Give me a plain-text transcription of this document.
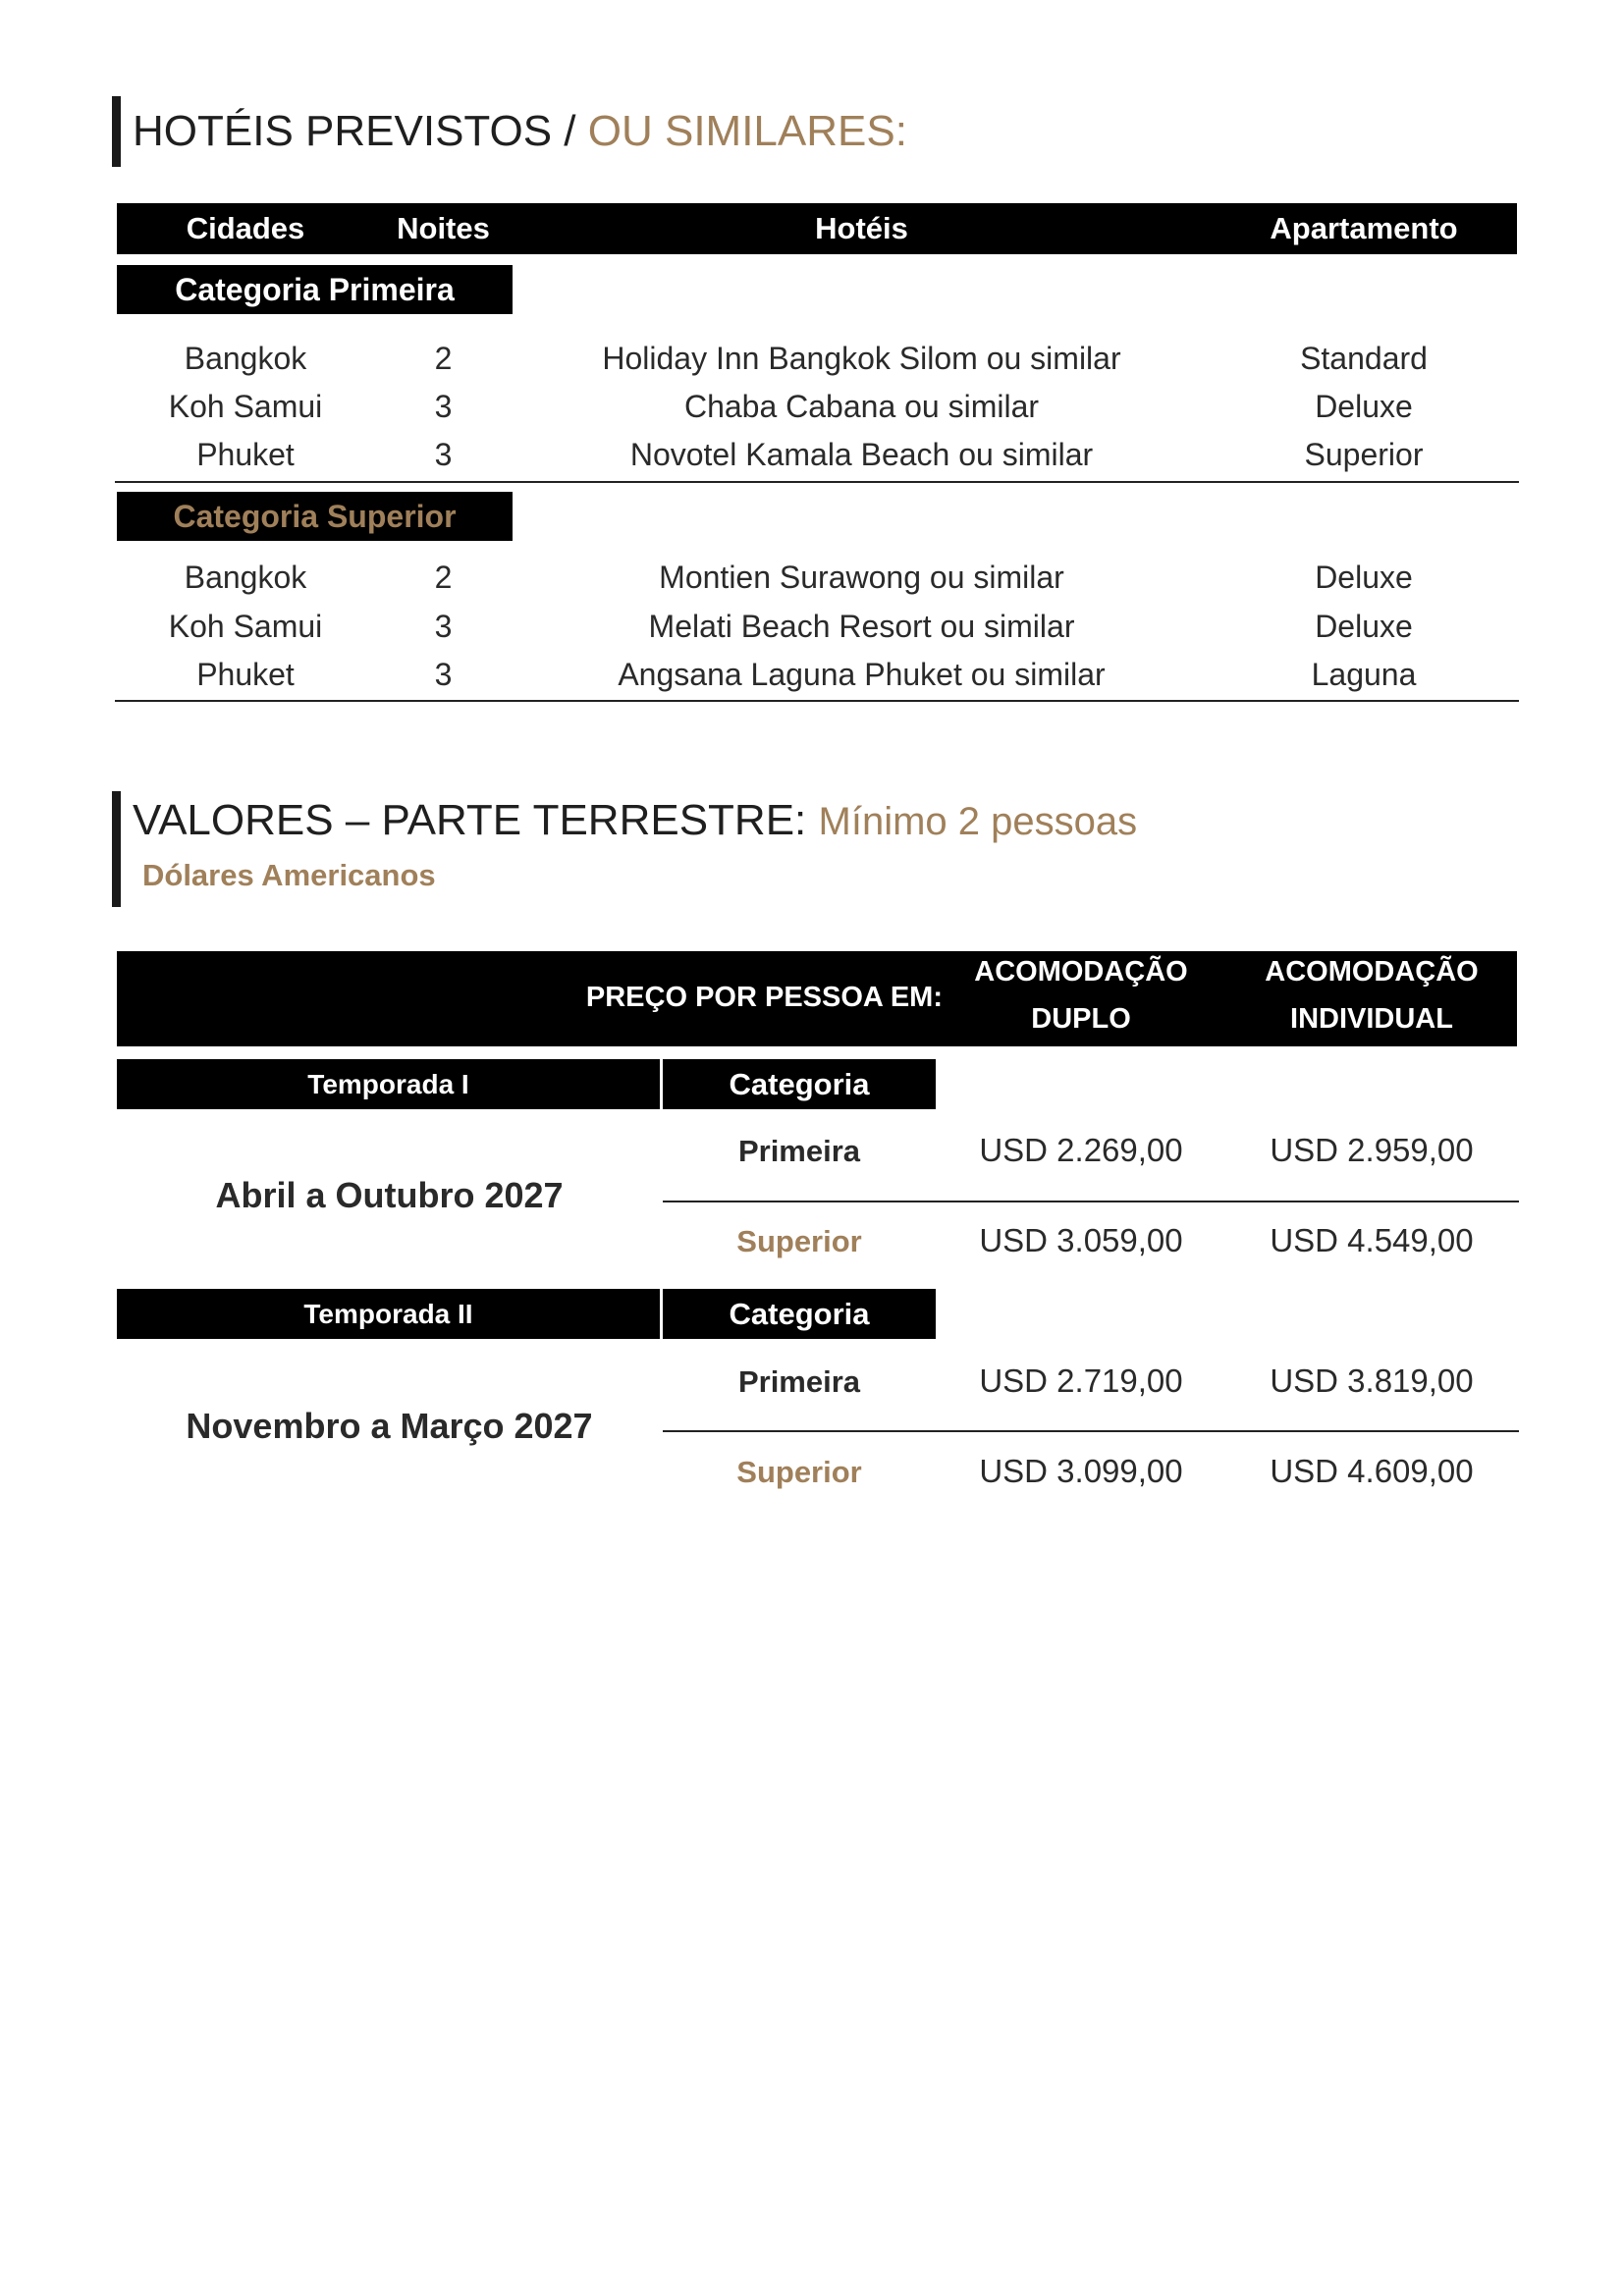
HOTÉIS PREVISTOS /
OU SIMILARES:
Cidades	Noites	Hotéis	Apartamento
Categoria Primeira
Bangkok	2	Holiday Inn Bangkok Silom ou similar	Standard
Koh Samui	3	Chaba Cabana ou similar	Deluxe
Phuket	3	Novotel Kamala Beach ou similar	Superior
Categoria Superior
Bangkok	2	Montien Surawong ou similar	Deluxe
Koh Samui	3	Melati Beach Resort ou similar	Deluxe
Phuket	3	Angsana Laguna Phuket ou similar	Laguna
VALORES – PARTE TERRESTRE: Mínimo 2 pessoas
Dólares Americanos
PREÇO POR PESSOA EM:
ACOMODAÇÃO
DUPLO
ACOMODAÇÃO
INDIVIDUAL
Temporada I	Categoria
Abril a Outubro 2027
Primeira	USD 2.269,00	USD 2.959,00
Superior	USD 3.059,00	USD 4.549,00
Temporada II	Categoria
Novembro a Março 2027
Primeira	USD 2.719,00	USD 3.819,00
Superior	USD 3.099,00	USD 4.609,00
